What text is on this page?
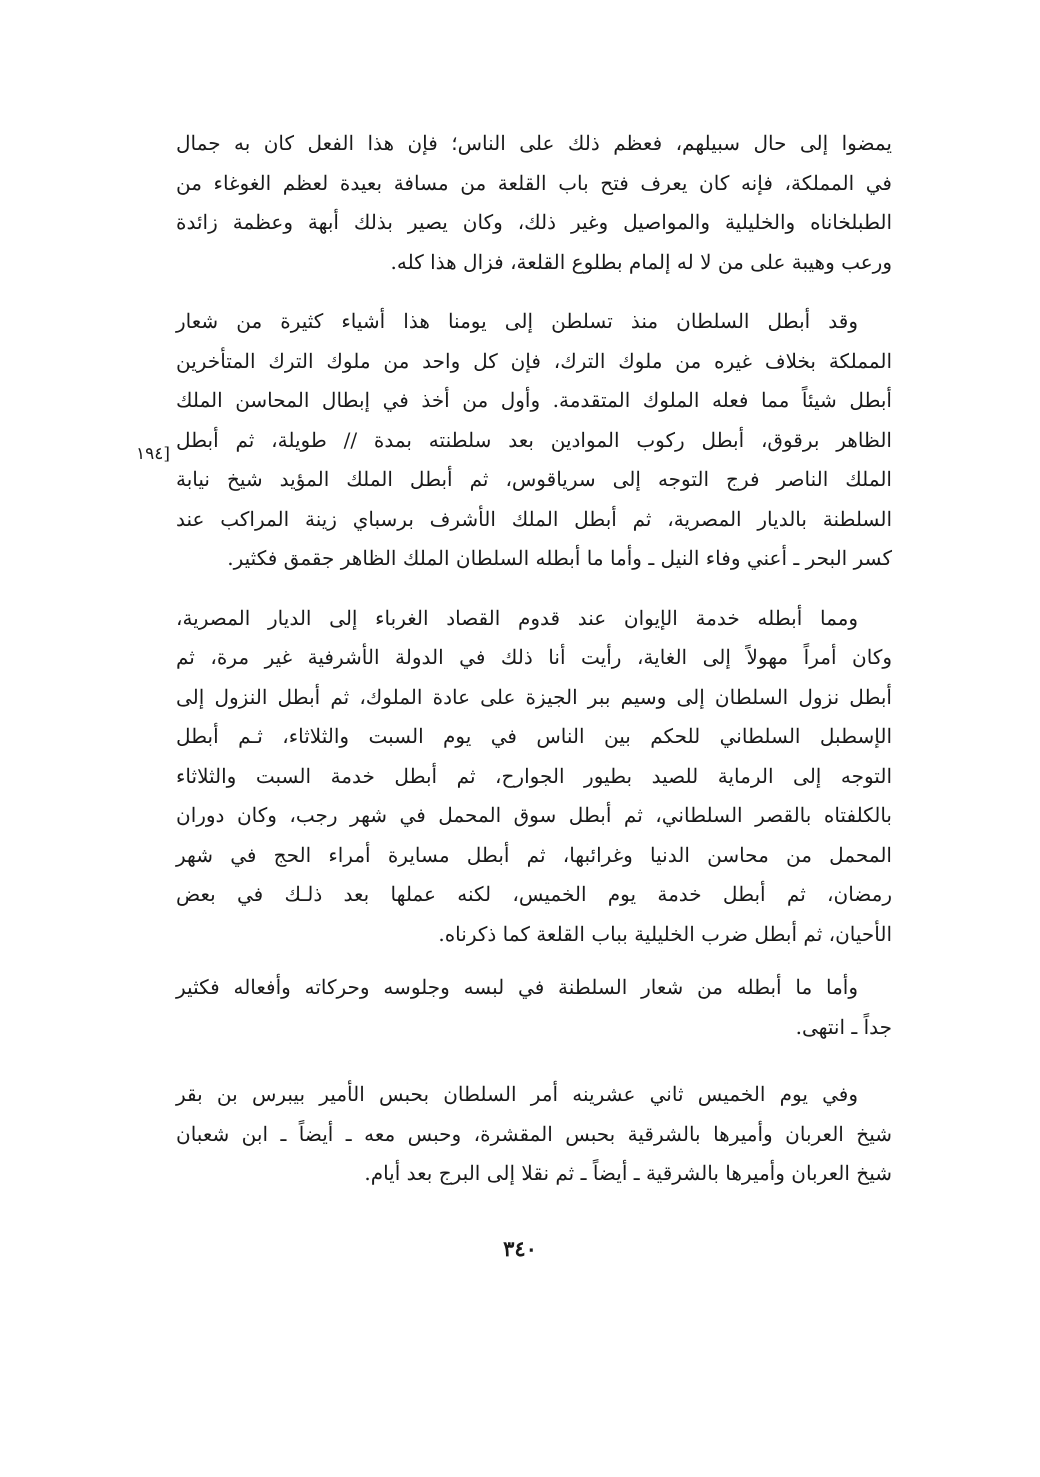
يمضوا إلى حال سبيلهم، فعظم ذلك على الناس؛ فإن هذا الفعل كان به جمال
في المملكة، فإنه كان يعرف فتح باب القلعة من مسافة بعيدة لعظم الغوغاء من
الطبلخاناه والخليلية والمواصيل وغير ذلك، وكان يصير بذلك أبهة وعظمة زائدة
ورعب وهيبة على من لا له إلمام بطلوع القلعة، فزال هذا كله.
وقد أبطل السلطان منذ تسلطن إلى يومنا هذا أشياء كثيرة من شعار
المملكة بخلاف غيره من ملوك الترك، فإن كل واحد من ملوك الترك المتأخرين
أبطل شيئاً مما فعله الملوك المتقدمة. وأول من أخذ في إبطال المحاسن الملك
الظاهر برقوق، أبطل ركوب الموادين بعد سلطنته بمدة // طويلة، ثم أبطل
الملك الناصر فرج التوجه إلى سرياقوس، ثم أبطل الملك المؤيد شيخ نيابة
السلطنة بالديار المصرية، ثم أبطل الملك الأشرف برسباي زينة المراكب عند
كسر البحر ـ أعني وفاء النيل ـ وأما ما أبطله السلطان الملك الظاهر جقمق فكثير.
ومما أبطله خدمة الإيوان عند قدوم القصاد الغرباء إلى الديار المصرية،
وكان أمراً مهولاً إلى الغاية، رأيت أنا ذلك في الدولة الأشرفية غير مرة، ثم
أبطل نزول السلطان إلى وسيم ببر الجيزة على عادة الملوك، ثم أبطل النزول إلى
الإسطبل السلطاني للحكم بين الناس في يوم السبت والثلاثاء، ثـم أبطل
التوجه إلى الرماية للصيد بطيور الجوارح، ثم أبطل خدمة السبت والثلاثاء
بالكلفتاه بالقصر السلطاني، ثم أبطل سوق المحمل في شهر رجب، وكان دوران
المحمل من محاسن الدنيا وغرائبها، ثم أبطل مسايرة أمراء الحج في شهر
رمضان، ثم أبطل خدمة يوم الخميس، لكنه عملها بعد ذلـك في بعض
الأحيان، ثم أبطل ضرب الخليلية بباب القلعة كما ذكرناه.
وأما ما أبطله من شعار السلطنة في لبسه وجلوسه وحركاته وأفعاله فكثير
جداً ـ انتهى.
وفي يوم الخميس ثاني عشرينه أمر السلطان بحبس الأمير بيبرس بن بقر
شيخ العربان وأميرها بالشرقية بحبس المقشرة، وحبس معه ـ أيضاً ـ ابن شعبان
شيخ العربان وأميرها بالشرقية ـ أيضاً ـ ثم نقلا إلى البرج بعد أيام.
[١٩٤
٣٤٠
